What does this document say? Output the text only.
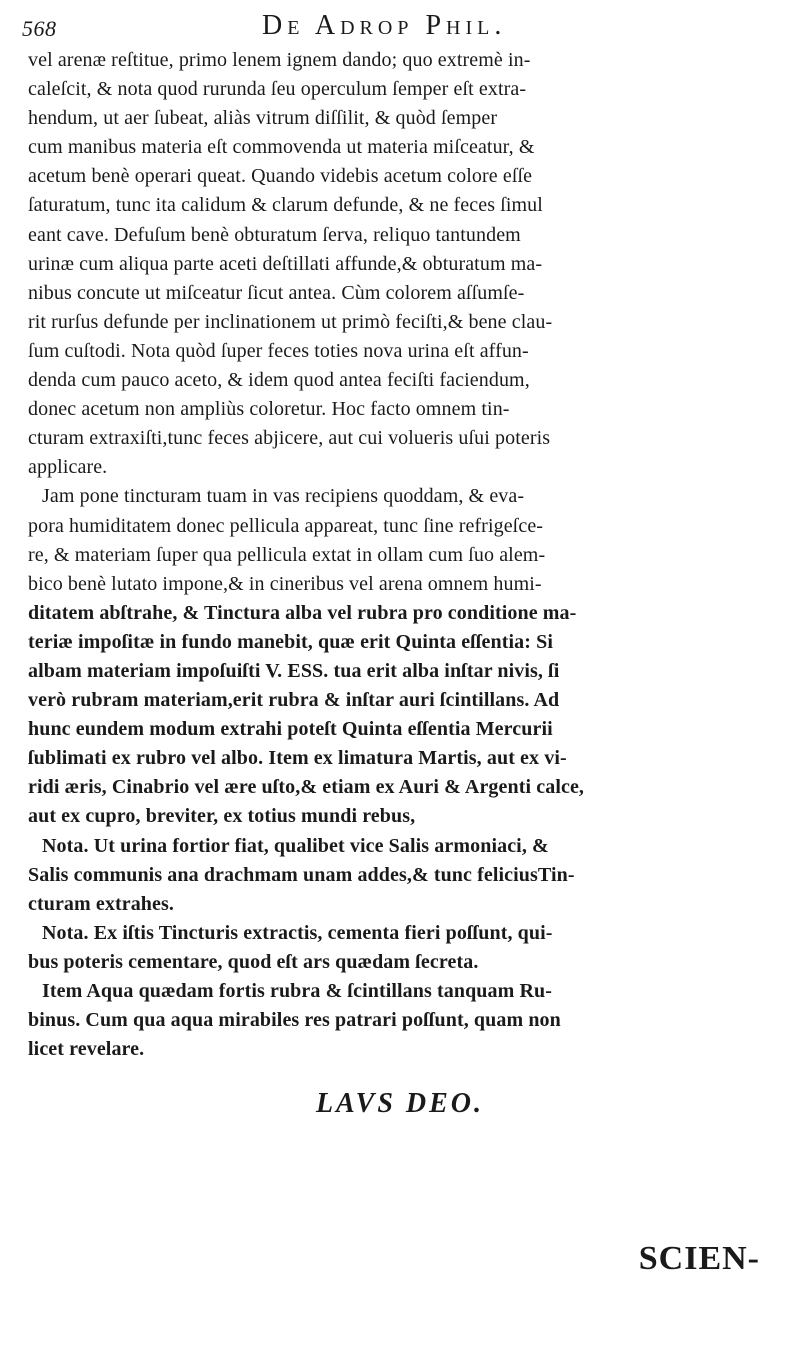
568	De Adrop Phil.
vel arenæ reſtitue, primo lenem ignem dando; quo extremè in-
caleſcit, & nota quod rurunda ſeu operculum ſemper eſt extra-
hendum, ut aer ſubeat, aliàs vitrum diſſilit, & quòd ſemper
cum manibus materia eſt commovenda ut materia miſceatur, &
acetum benè operari queat. Quando videbis acetum colore eſſe
ſaturatum, tunc ita calidum & clarum defunde, & ne feces ſimul
eant cave. Defuſum benè obturatum ſerva, reliquo tantundem
urinæ cum aliqua parte aceti deſtillati affunde,& obturatum ma-
nibus concute ut miſceatur ſicut antea. Cùm colorem aſſumſe-
rit rurſus defunde per inclinationem ut primò feciſti,& bene clau-
ſum cuſtodi. Nota quòd ſuper feces toties nova urina eſt affun-
denda cum pauco aceto, & idem quod antea feciſti faciendum,
donec acetum non ampliùs coloretur. Hoc facto omnem tin-
cturam extraxiſti,tunc feces abjicere, aut cui volueris uſui poteris
applicare.
Jam pone tincturam tuam in vas recipiens quoddam, & eva-
pora humiditatem donec pellicula appareat, tunc ſine refrigeſce-
re, & materiam ſuper qua pellicula extat in ollam cum ſuo alem-
bico benè lutato impone,& in cineribus vel arena omnem humi-
ditatem abſtrahe, & Tinctura alba vel rubra pro conditione ma-
teriæ impoſitæ in fundo manebit, quæ erit Quinta eſſentia: Si
albam materiam impoſuiſti V. ESS. tua erit alba inſtar nivis, ſi
verò rubram materiam,erit rubra & inſtar auri ſcintillans. Ad
hunc eundem modum extrahi poteſt Quinta eſſentia Mercurii
ſublimati ex rubro vel albo. Item ex limatura Martis, aut ex vi-
ridi æris, Cinabrio vel ære uſto,& etiam ex Auri & Argenti calce,
aut ex cupro, breviter, ex totius mundi rebus,
Nota. Ut urina fortior fiat, qualibet vice Salis armoniaci, &
Salis communis ana drachmam unam addes,& tunc feliciusTin-
cturam extrahes.
Nota. Ex iſtis Tincturis extractis, cementa fieri poſſunt, qui-
bus poteris cementare, quod eſt ars quædam ſecreta.
Item Aqua quædam fortis rubra & ſcintillans tanquam Ru-
binus. Cum qua aqua mirabiles res patrari poſſunt, quam non
licet revelare.
LAVS DEO.
SCIEN-
